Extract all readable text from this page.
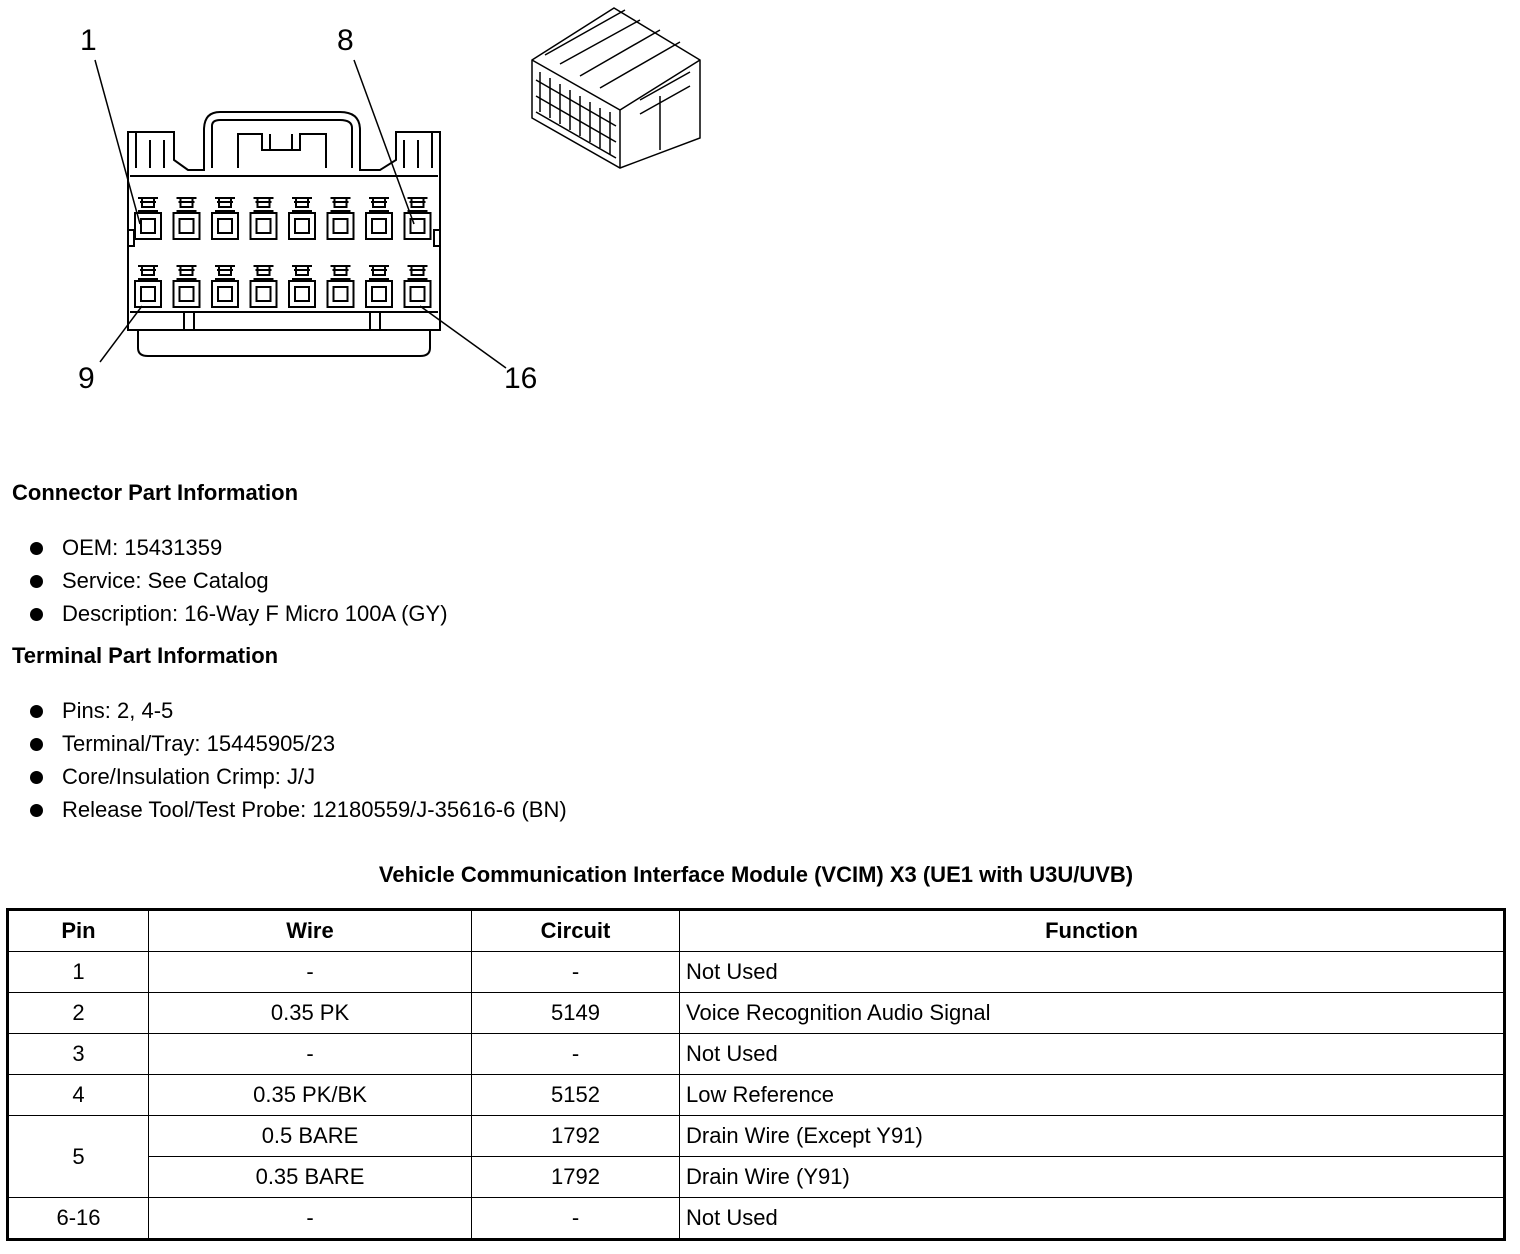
1	8
9	16
Connector Part Information
OEM: 15431359
Service: See Catalog
Description: 16-Way F Micro 100A (GY)
Terminal Part Information
Pins: 2, 4-5
Terminal/Tray: 15445905/23
Core/Insulation Crimp: J/J
Release Tool/Test Probe: 12180559/J-35616-6 (BN)
Vehicle Communication Interface Module (VCIM) X3 (UE1 with U3U/UVB)
Pin	Wire	Circuit	Function
1	-	-	Not Used
2	0.35 PK	5149	Voice Recognition Audio Signal
3	-	-	Not Used
4	0.35 PK/BK	5152	Low Reference
5	0.5 BARE	1792	Drain Wire (Except Y91)
	0.35 BARE	1792	Drain Wire (Y91)
6-16	-	-	Not Used
